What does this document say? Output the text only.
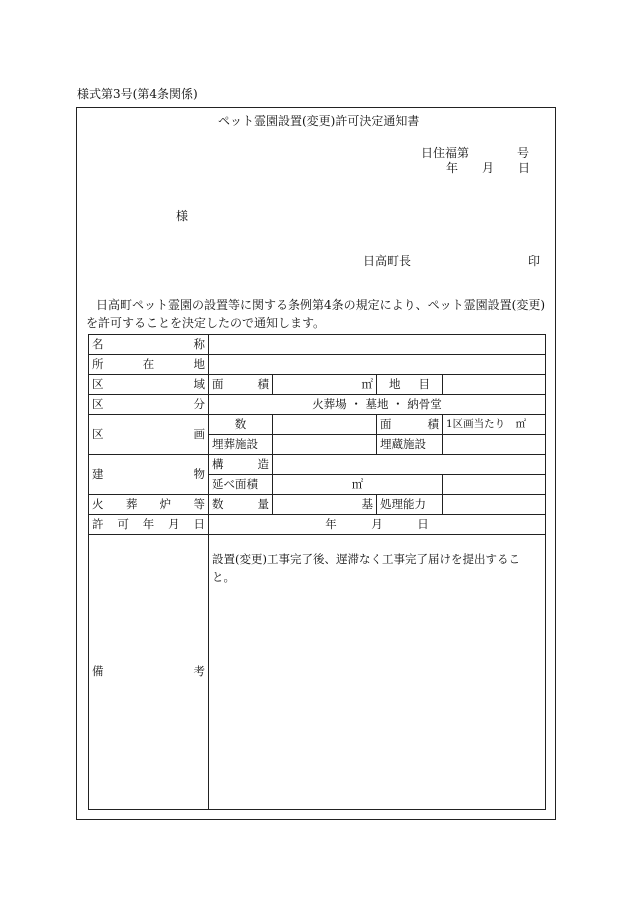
様式第3号(第4条関係)
ペット霊園設置(変更)許可決定通知書
日住福第　　　　号
年　　月　　日
様
日高町長	印
日高町ペット霊園の設置等に関する条例第4条の規定により、ペット霊園設置(変更)を許可することを決定したので通知します。
名 称				

所 在 地				

区 域	面 積	㎡	地 目	

区 分	火葬場 ・ 墓地 ・ 納骨堂			

区 画	数		面 積	1区画当たり　㎡
	埋葬施設		埋蔵施設	

建 物	構 造			

	延べ面積	㎡		

火 葬 炉 等	数 量	基	処理能力	

許 可 年 月 日	年　　　月　　　日			

備 考	設置(変更)工事完了後、遅滞なく工事完了届けを提出すること。			
